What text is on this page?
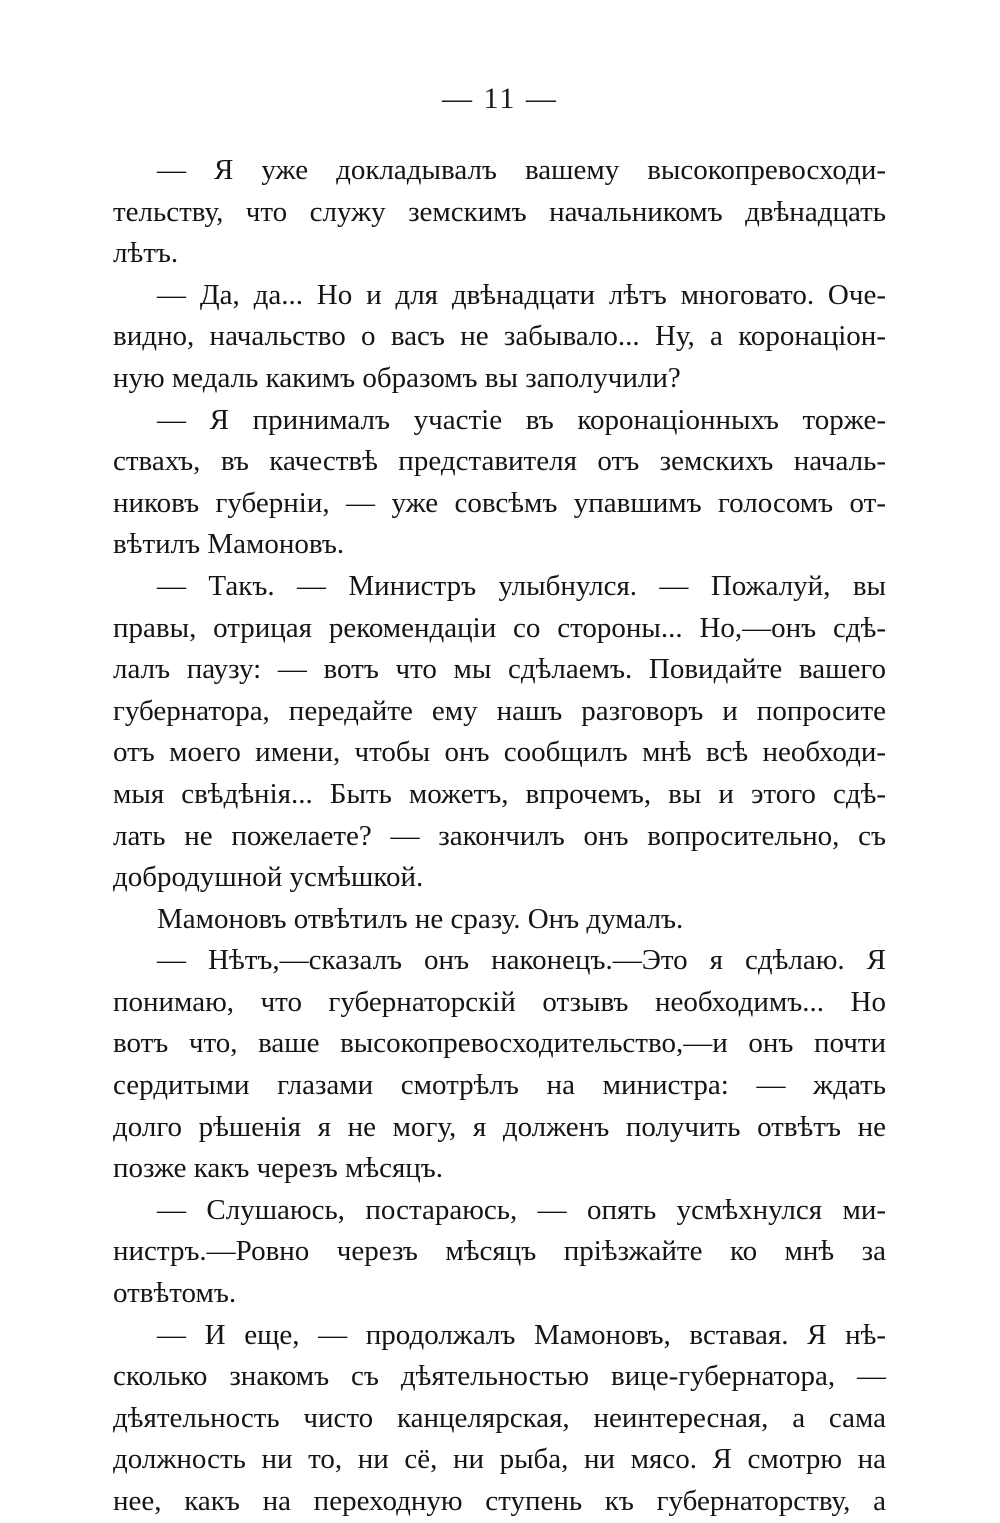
— 11 —
— Я уже докладывалъ вашему высокопревосходи-
тельству, что служу земскимъ начальникомъ двѣнадцать
лѣтъ.
— Да, да... Но и для двѣнадцати лѣтъ многовато. Оче-
видно, начальство о васъ не забывало... Ну, а коронаціон-
ную медаль какимъ образомъ вы заполучили?
— Я принималъ участіе въ коронаціонныхъ торже-
ствахъ, въ качествѣ представителя отъ земскихъ началь-
никовъ губерніи, — уже совсѣмъ упавшимъ голосомъ от-
вѣтилъ Мамоновъ.
— Такъ. — Министръ улыбнулся. — Пожалуй, вы
правы, отрицая рекомендаціи со стороны... Но,—онъ сдѣ-
лалъ паузу: — вотъ что мы сдѣлаемъ. Повидайте вашего
губернатора, передайте ему нашъ разговоръ и попросите
отъ моего имени, чтобы онъ сообщилъ мнѣ всѣ необходи-
мыя свѣдѣнія... Быть можетъ, впрочемъ, вы и этого сдѣ-
лать не пожелаете? — закончилъ онъ вопросительно, съ
добродушной усмѣшкой.
Мамоновъ отвѣтилъ не сразу. Онъ думалъ.
— Нѣтъ,—сказалъ онъ наконецъ.—Это я сдѣлаю. Я
понимаю, что губернаторскій отзывъ необходимъ... Но
вотъ что, ваше высокопревосходительство,—и онъ почти
сердитыми глазами смотрѣлъ на министра: — ждать
долго рѣшенія я не могу, я долженъ получить отвѣтъ не
позже какъ черезъ мѣсяцъ.
— Слушаюсь, постараюсь, — опять усмѣхнулся ми-
нистръ.—Ровно черезъ мѣсяцъ пріѣзжайте ко мнѣ за
отвѣтомъ.
— И еще, — продолжалъ Мамоновъ, вставая. Я нѣ-
сколько знакомъ съ дѣятельностью вице-губернатора, —
дѣятельность чисто канцелярская, неинтересная, а сама
должность ни то, ни сё, ни рыба, ни мясо. Я смотрю на
нее, какъ на переходную ступень къ губернаторству, а
